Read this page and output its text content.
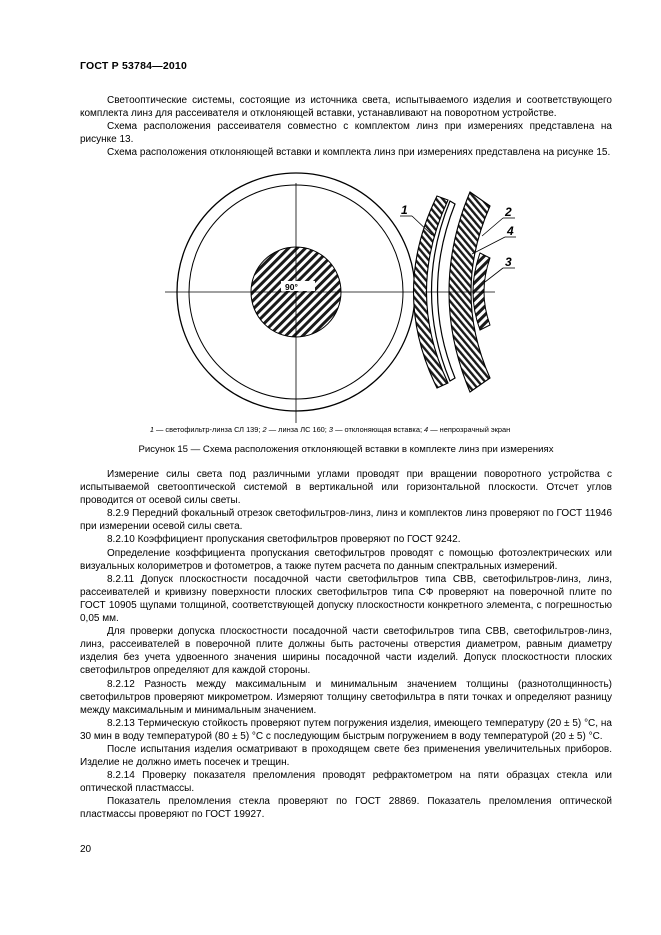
ГОСТ Р 53784—2010

Светооптические системы, состоящие из источника света, испытываемого изделия и соответствующего комплекта линз для рассеивателя и отклоняющей вставки, устанавливают на поворотном устройстве.

Схема расположения рассеивателя совместно с комплектом линз при измерениях представлена на рисунке 13.

Схема расположения отклоняющей вставки и комплекта линз при измерениях представлена на рисунке 15.

90°
1	2
4
3
1 — светофильтр-линза СЛ 139; 2 — линза ЛС 160; 3 — отклоняющая вставка; 4 — непрозрачный экран
Рисунок 15 — Схема расположения отклоняющей вставки в комплекте линз при измерениях

Измерение силы света под различными углами проводят при вращении поворотного устройства с испытываемой светооптической системой в вертикальной или горизонтальной плоскости. Отсчет углов проводится от осевой силы светы.

8.2.9 Передний фокальный отрезок светофильтров-линз, линз и комплектов линз проверяют по ГОСТ 11946 при измерении осевой силы света.

8.2.10 Коэффициент пропускания светофильтров проверяют по ГОСТ 9242.

Определение коэффициента пропускания светофильтров проводят с помощью фотоэлектрических или визуальных колориметров и фотометров, а также путем расчета по данным спектральных измерений.

8.2.11 Допуск плоскостности посадочной части светофильтров типа СВВ, светофильтров-линз, линз, рассеивателей и кривизну поверхности плоских светофильтров типа СФ проверяют на поверочной плите по ГОСТ 10905 щупами толщиной, соответствующей допуску плоскостности конкретного элемента, с погрешностью 0,05 мм.

Для проверки допуска плоскостности посадочной части светофильтров типа СВВ, светофильтров-линз, линз, рассеивателей в поверочной плите должны быть расточены отверстия диаметром, равным диаметру изделия без учета удвоенного значения ширины посадочной части изделий. Допуск плоскостности плоских светофильтров определяют для каждой стороны.

8.2.12 Разность между максимальным и минимальным значением толщины (разнотолщинность) светофильтров проверяют микрометром. Измеряют толщину светофильтра в пяти точках и определяют разницу между максимальным и минимальным значением.

8.2.13 Термическую стойкость проверяют путем погружения изделия, имеющего температуру (20 ± 5) °С, на 30 мин в воду температурой (80 ± 5) °С с последующим быстрым погружением в воду температурой (20 ± 5) °С.

После испытания изделия осматривают в проходящем свете без применения увеличительных приборов. Изделие не должно иметь посечек и трещин.

8.2.14 Проверку показателя преломления проводят рефрактометром на пяти образцах стекла или оптической пластмассы.

Показатель преломления стекла проверяют по ГОСТ 28869. Показатель преломления оптической пластмассы проверяют по ГОСТ 19927.

20
